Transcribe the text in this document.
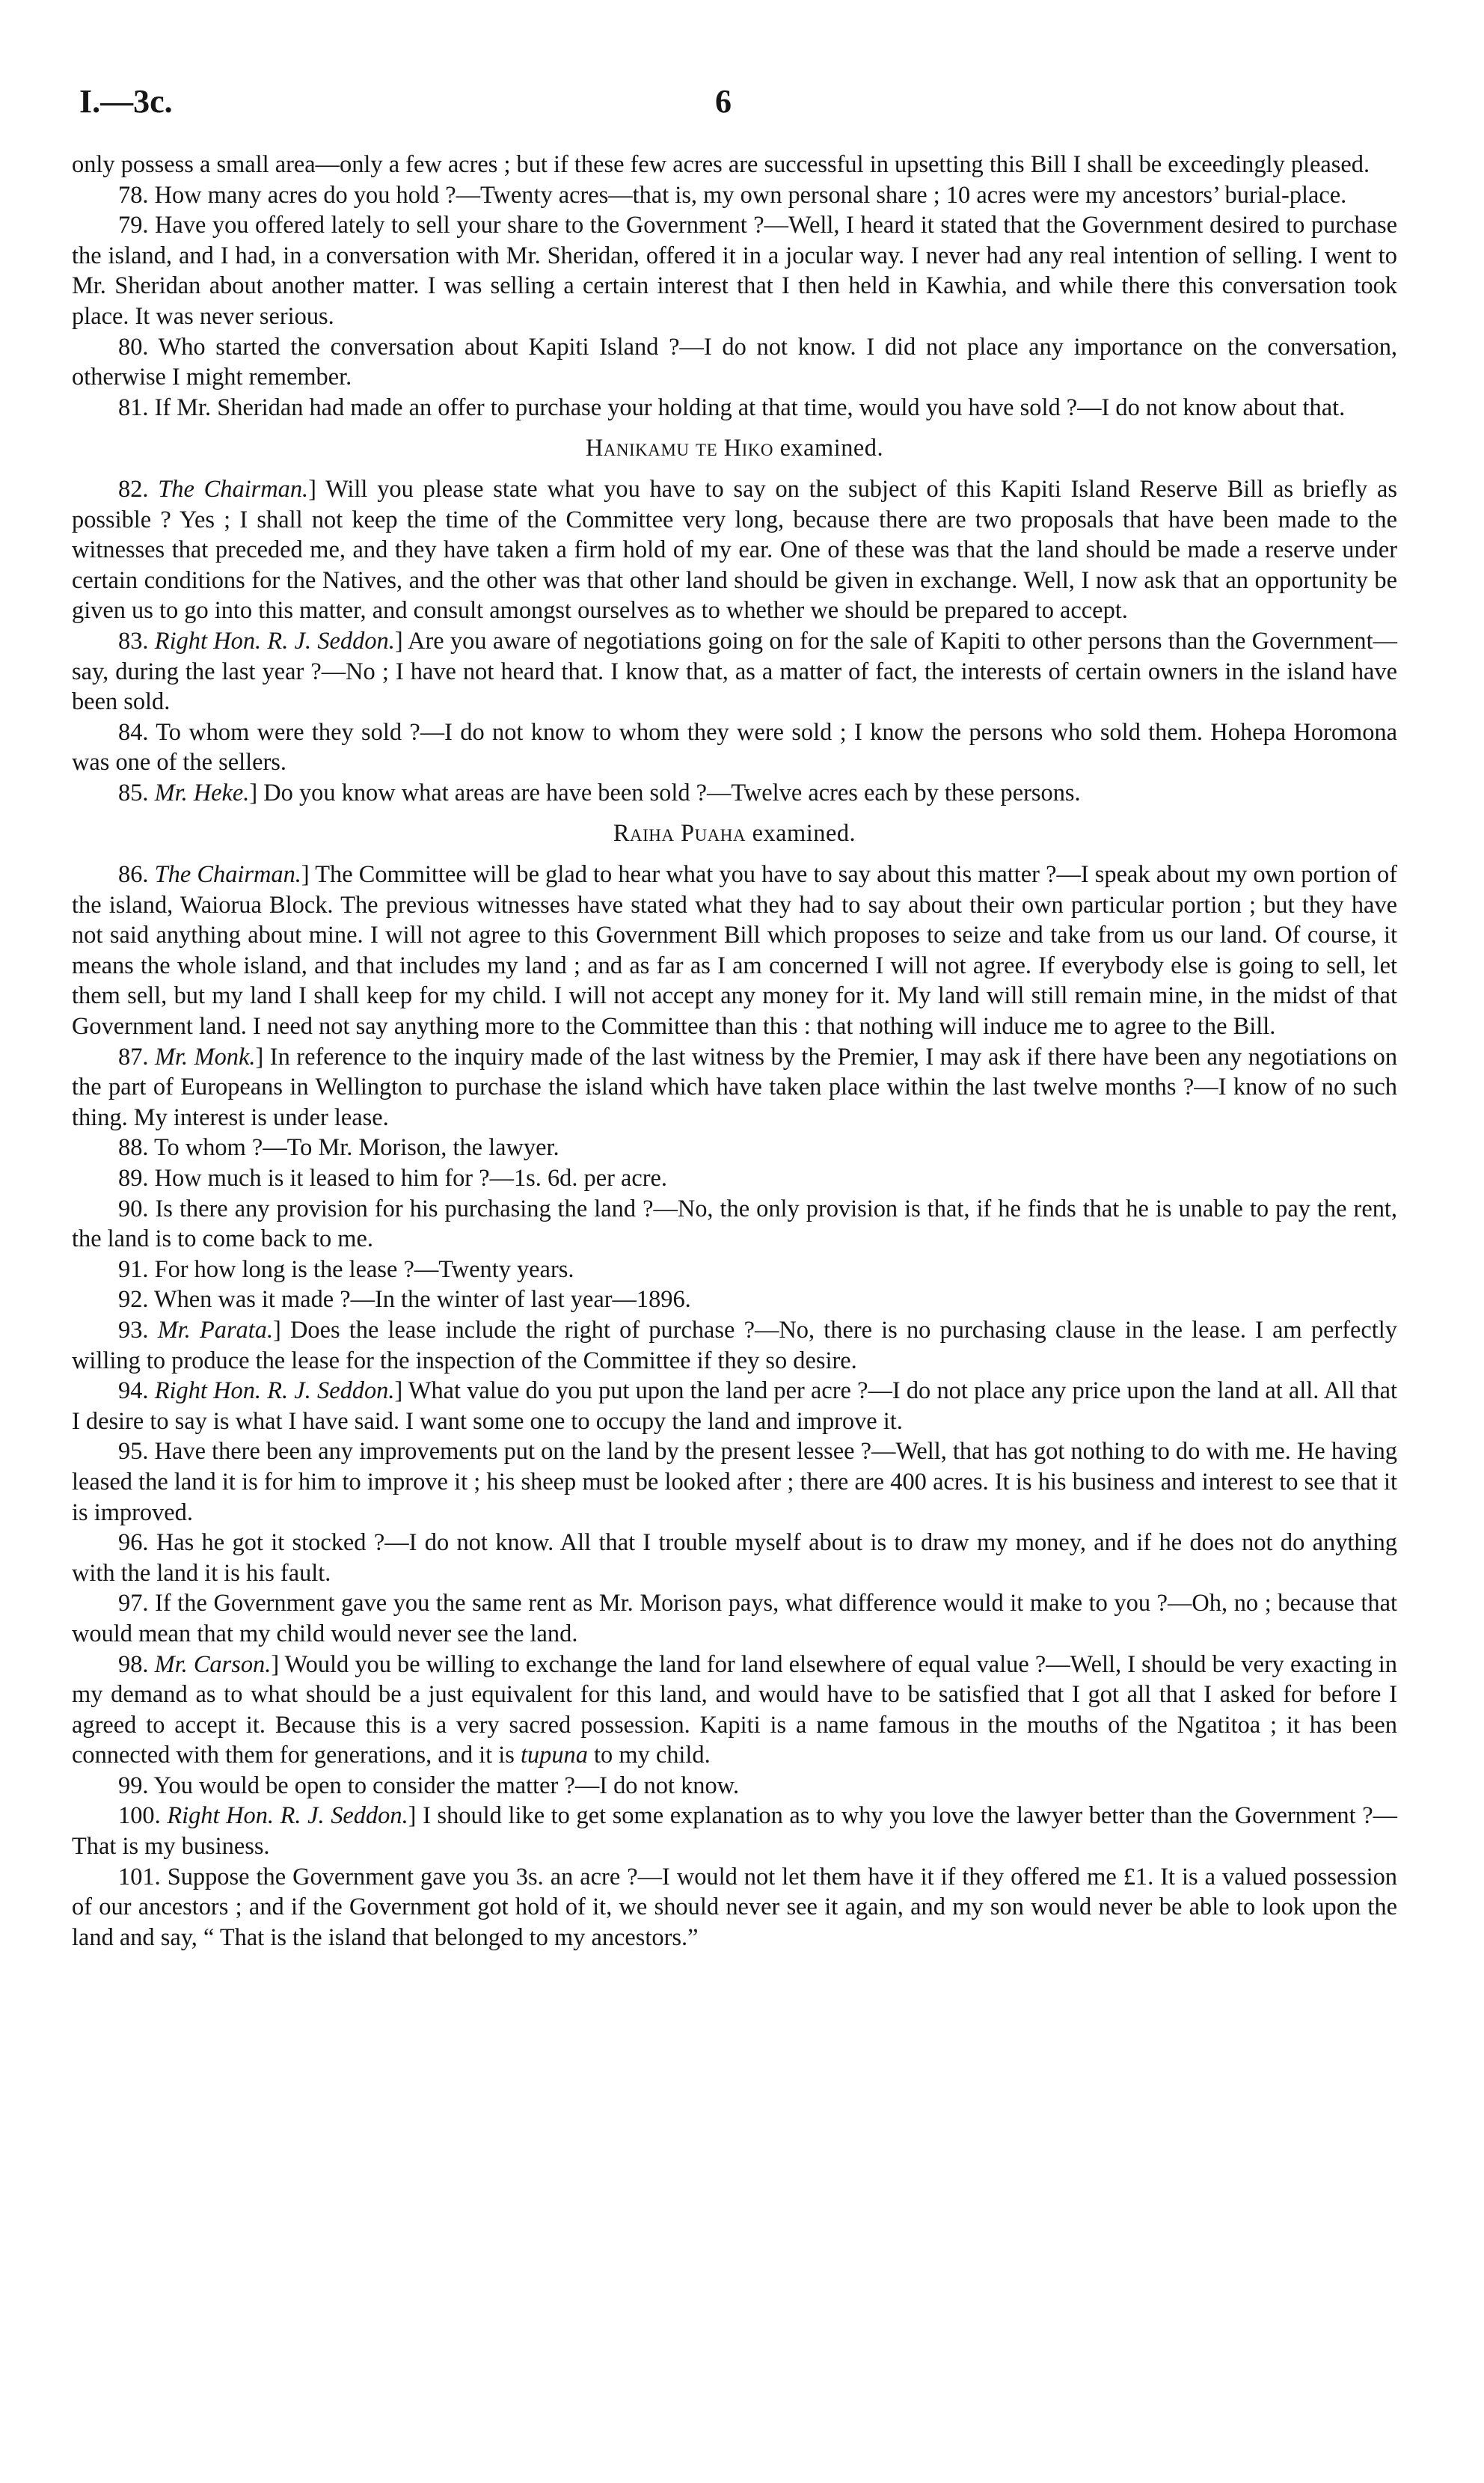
I.—3c.	6

only possess a small area—only a few acres ; but if these few acres are successful in upsetting this Bill I shall be exceedingly pleased.

78. How many acres do you hold ?—Twenty acres—that is, my own personal share ; 10 acres were my ancestors’ burial-place.

79. Have you offered lately to sell your share to the Government ?—Well, I heard it stated that the Government desired to purchase the island, and I had, in a conversation with Mr. Sheridan, offered it in a jocular way. I never had any real intention of selling. I went to Mr. Sheridan about another matter. I was selling a certain interest that I then held in Kawhia, and while there this conversation took place. It was never serious.

80. Who started the conversation about Kapiti Island ?—I do not know. I did not place any importance on the conversation, otherwise I might remember.

81. If Mr. Sheridan had made an offer to purchase your holding at that time, would you have sold ?—I do not know about that.

Hanikamu te Hiko examined.

82. The Chairman.] Will you please state what you have to say on the subject of this Kapiti Island Reserve Bill as briefly as possible ? Yes ; I shall not keep the time of the Committee very long, because there are two proposals that have been made to the witnesses that preceded me, and they have taken a firm hold of my ear. One of these was that the land should be made a reserve under certain conditions for the Natives, and the other was that other land should be given in exchange. Well, I now ask that an opportunity be given us to go into this matter, and consult amongst ourselves as to whether we should be prepared to accept.

83. Right Hon. R. J. Seddon.] Are you aware of negotiations going on for the sale of Kapiti to other persons than the Government—say, during the last year ?—No ; I have not heard that. I know that, as a matter of fact, the interests of certain owners in the island have been sold.

84. To whom were they sold ?—I do not know to whom they were sold ; I know the persons who sold them. Hohepa Horomona was one of the sellers.

85. Mr. Heke.] Do you know what areas are have been sold ?—Twelve acres each by these persons.

Raiha Puaha examined.

86. The Chairman.] The Committee will be glad to hear what you have to say about this matter ?—I speak about my own portion of the island, Waiorua Block. The previous witnesses have stated what they had to say about their own particular portion ; but they have not said anything about mine. I will not agree to this Government Bill which proposes to seize and take from us our land. Of course, it means the whole island, and that includes my land ; and as far as I am concerned I will not agree. If everybody else is going to sell, let them sell, but my land I shall keep for my child. I will not accept any money for it. My land will still remain mine, in the midst of that Government land. I need not say anything more to the Committee than this : that nothing will induce me to agree to the Bill.

87. Mr. Monk.] In reference to the inquiry made of the last witness by the Premier, I may ask if there have been any negotiations on the part of Europeans in Wellington to purchase the island which have taken place within the last twelve months ?—I know of no such thing. My interest is under lease.

88. To whom ?—To Mr. Morison, the lawyer.

89. How much is it leased to him for ?—1s. 6d. per acre.

90. Is there any provision for his purchasing the land ?—No, the only provision is that, if he finds that he is unable to pay the rent, the land is to come back to me.

91. For how long is the lease ?—Twenty years.

92. When was it made ?—In the winter of last year—1896.

93. Mr. Parata.] Does the lease include the right of purchase ?—No, there is no purchasing clause in the lease. I am perfectly willing to produce the lease for the inspection of the Committee if they so desire.

94. Right Hon. R. J. Seddon.] What value do you put upon the land per acre ?—I do not place any price upon the land at all. All that I desire to say is what I have said. I want some one to occupy the land and improve it.

95. Have there been any improvements put on the land by the present lessee ?—Well, that has got nothing to do with me. He having leased the land it is for him to improve it ; his sheep must be looked after ; there are 400 acres. It is his business and interest to see that it is improved.

96. Has he got it stocked ?—I do not know. All that I trouble myself about is to draw my money, and if he does not do anything with the land it is his fault.

97. If the Government gave you the same rent as Mr. Morison pays, what difference would it make to you ?—Oh, no ; because that would mean that my child would never see the land.

98. Mr. Carson.] Would you be willing to exchange the land for land elsewhere of equal value ?—Well, I should be very exacting in my demand as to what should be a just equivalent for this land, and would have to be satisfied that I got all that I asked for before I agreed to accept it. Because this is a very sacred possession. Kapiti is a name famous in the mouths of the Ngatitoa ; it has been connected with them for generations, and it is tupuna to my child.

99. You would be open to consider the matter ?—I do not know.

100. Right Hon. R. J. Seddon.] I should like to get some explanation as to why you love the lawyer better than the Government ?—That is my business.

101. Suppose the Government gave you 3s. an acre ?—I would not let them have it if they offered me £1. It is a valued possession of our ancestors ; and if the Government got hold of it, we should never see it again, and my son would never be able to look upon the land and say, “ That is the island that belonged to my ancestors.”
